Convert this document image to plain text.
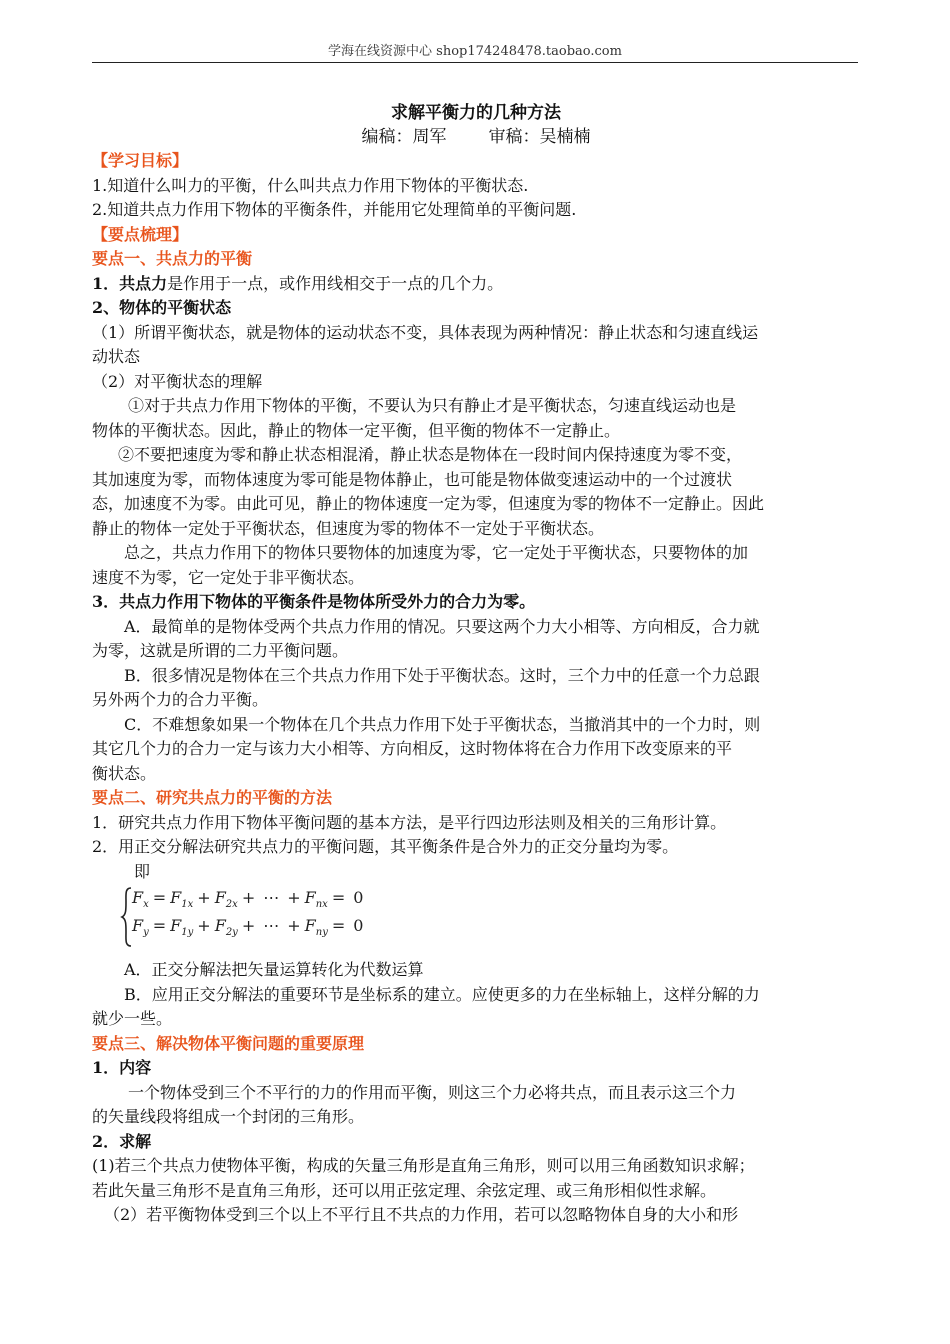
学海在线资源中心 shop174248478.taobao.com
求解平衡力的几种方法
编稿：周军 审稿：吴楠楠
【学习目标】
1.知道什么叫力的平衡，什么叫共点力作用下物体的平衡状态.
2.知道共点力作用下物体的平衡条件，并能用它处理简单的平衡问题.
【要点梳理】
要点一、共点力的平衡
1．共点力是作用于一点，或作用线相交于一点的几个力。
2、物体的平衡状态
（1）所谓平衡状态，就是物体的运动状态不变，具体表现为两种情况：静止状态和匀速直线运
动状态
（2）对平衡状态的理解
①对于共点力作用下物体的平衡，不要认为只有静止才是平衡状态，匀速直线运动也是
物体的平衡状态。因此，静止的物体一定平衡，但平衡的物体不一定静止。
②不要把速度为零和静止状态相混淆，静止状态是物体在一段时间内保持速度为零不变，
其加速度为零，而物体速度为零可能是物体静止，也可能是物体做变速运动中的一个过渡状
态，加速度不为零。由此可见，静止的物体速度一定为零，但速度为零的物体不一定静止。因此
静止的物体一定处于平衡状态，但速度为零的物体不一定处于平衡状态。
总之，共点力作用下的物体只要物体的加速度为零，它一定处于平衡状态，只要物体的加
速度不为零，它一定处于非平衡状态。
3．共点力作用下物体的平衡条件是物体所受外力的合力为零。
A．最简单的是物体受两个共点力作用的情况。只要这两个力大小相等、方向相反，合力就
为零，这就是所谓的二力平衡问题。
B．很多情况是物体在三个共点力作用下处于平衡状态。这时，三个力中的任意一个力总跟
另外两个力的合力平衡。
C．不难想象如果一个物体在几个共点力作用下处于平衡状态，当撤消其中的一个力时，则
其它几个力的合力一定与该力大小相等、方向相反，这时物体将在合力作用下改变原来的平
衡状态。
要点二、研究共点力的平衡的方法
1．研究共点力作用下物体平衡问题的基本方法，是平行四边形法则及相关的三角形计算。
2．用正交分解法研究共点力的平衡问题，其平衡条件是合外力的正交分量均为零。
即
$F_x = F_{1x} + F_{2x}$ + ⋯ + $F_{nx} = 0$
$F_y = F_{1y} + F_{2y}$ + ⋯ + $F_{ny} = 0$
A．正交分解法把矢量运算转化为代数运算
B．应用正交分解法的重要环节是坐标系的建立。应使更多的力在坐标轴上，这样分解的力
就少一些。
要点三、解决物体平衡问题的重要原理
1．内容
一个物体受到三个不平行的力的作用而平衡，则这三个力必将共点，而且表示这三个力
的矢量线段将组成一个封闭的三角形。
2．求解
(1)若三个共点力使物体平衡，构成的矢量三角形是直角三角形，则可以用三角函数知识求解；
若此矢量三角形不是直角三角形，还可以用正弦定理、余弦定理、或三角形相似性求解。
（2）若平衡物体受到三个以上不平行且不共点的力作用，若可以忽略物体自身的大小和形
